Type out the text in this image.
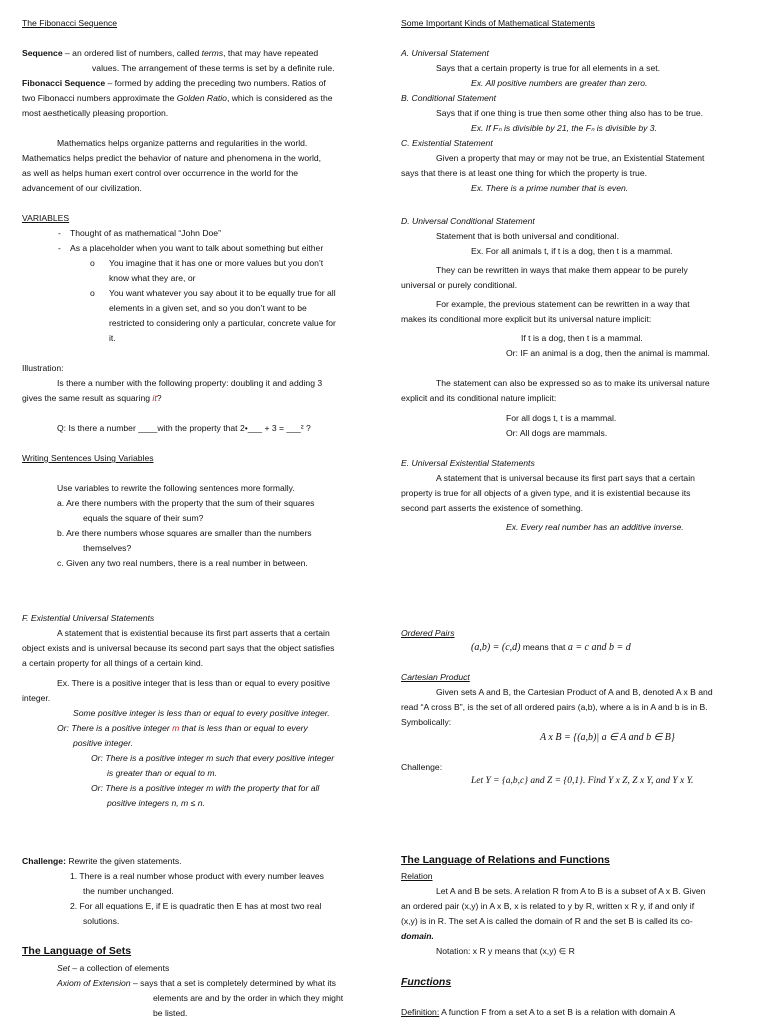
The Fibonacci Sequence
Sequence – an ordered list of numbers, called terms, that may have repeated
values. The arrangement of these terms is set by a definite rule.
Fibonacci Sequence – formed by adding the preceding two numbers. Ratios of
two Fibonacci numbers approximate the Golden Ratio, which is considered as the
most aesthetically pleasing proportion.
Mathematics helps organize patterns and regularities in the world.
Mathematics helps predict the behavior of nature and phenomena in the world,
as well as helps human exert control over occurrence in the world for the
advancement of our civilization.
VARIABLES
- Thought of as mathematical “John Doe”
- As a placeholder when you want to talk about something but either
o You imagine that it has one or more values but you don’t
know what they are, or
o You want whatever you say about it to be equally true for all
elements in a given set, and so you don’t want to be
restricted to considering only a particular, concrete value for
it.
Illustration:
Is there a number with the following property: doubling it and adding 3
gives the same result as squaring it?
Q: Is there a number ____with the property that 2•___ + 3 = ___² ?
Writing Sentences Using Variables
Use variables to rewrite the following sentences more formally.
a. Are there numbers with the property that the sum of their squares
equals the square of their sum?
b. Are there numbers whose squares are smaller than the numbers
themselves?
c. Given any two real numbers, there is a real number in between.
F. Existential Universal Statements
A statement that is existential because its first part asserts that a certain
object exists and is universal because its second part says that the object satisfies
a certain property for all things of a certain kind.
Ex. There is a positive integer that is less than or equal to every positive
integer.
Some positive integer is less than or equal to every positive integer.
Or: There is a positive integer m that is less than or equal to every
positive integer.
Or: There is a positive integer m such that every positive integer
is greater than or equal to m.
Or: There is a positive integer m with the property that for all
positive integers n, m ≤ n.
Challenge: Rewrite the given statements.
1. There is a real number whose product with every number leaves
the number unchanged.
2. For all equations E, if E is quadratic then E has at most two real
solutions.
The Language of Sets
Set – a collection of elements
Axiom of Extension – says that a set is completely determined by what its
elements are and by the order in which they might
be listed.
Some Important Kinds of Mathematical Statements
A. Universal Statement
Says that a certain property is true for all elements in a set.
Ex. All positive numbers are greater than zero.
B. Conditional Statement
Says that if one thing is true then some other thing also has to be true.
Ex. If Fₙ is divisible by 21, the Fₙ is divisible by 3.
C. Existential Statement
Given a property that may or may not be true, an Existential Statement
says that there is at least one thing for which the property is true.
Ex. There is a prime number that is even.
D. Universal Conditional Statement
Statement that is both universal and conditional.
Ex. For all animals t, if t is a dog, then t is a mammal.
They can be rewritten in ways that make them appear to be purely
universal or purely conditional.
For example, the previous statement can be rewritten in a way that
makes its conditional more explicit but its universal nature implicit:
If t is a dog, then t is a mammal.
Or: IF an animal is a dog, then the animal is mammal.
The statement can also be expressed so as to make its universal nature
explicit and its conditional nature implicit:
For all dogs t, t is a mammal.
Or: All dogs are mammals.
E. Universal Existential Statements
A statement that is universal because its first part says that a certain
property is true for all objects of a given type, and it is existential because its
second part asserts the existence of something.
Ex. Every real number has an additive inverse.
Ordered Pairs
(a,b) = (c,d) means that a = c and b = d
Cartesian Product
Given sets A and B, the Cartesian Product of A and B, denoted A x B and
read “A cross B”, is the set of all ordered pairs (a,b), where a is in A and b is in B.
Symbolically:
A x B = {(a,b)| a ∈ A and b ∈ B}
Challenge:
Let Y = {a,b,c} and Z = {0,1}. Find Y x Z, Z x Y, and Y x Y.
The Language of Relations and Functions
Relation
Let A and B be sets. A relation R from A to B is a subset of A x B. Given
an ordered pair (x,y) in A x B, x is related to y by R, written x R y, if and only if
(x,y) is in R. The set A is called the domain of R and the set B is called its co-
domain.
Notation: x R y means that (x,y) ∈ R
Functions
Definition: A function F from a set A to a set B is a relation with domain A
